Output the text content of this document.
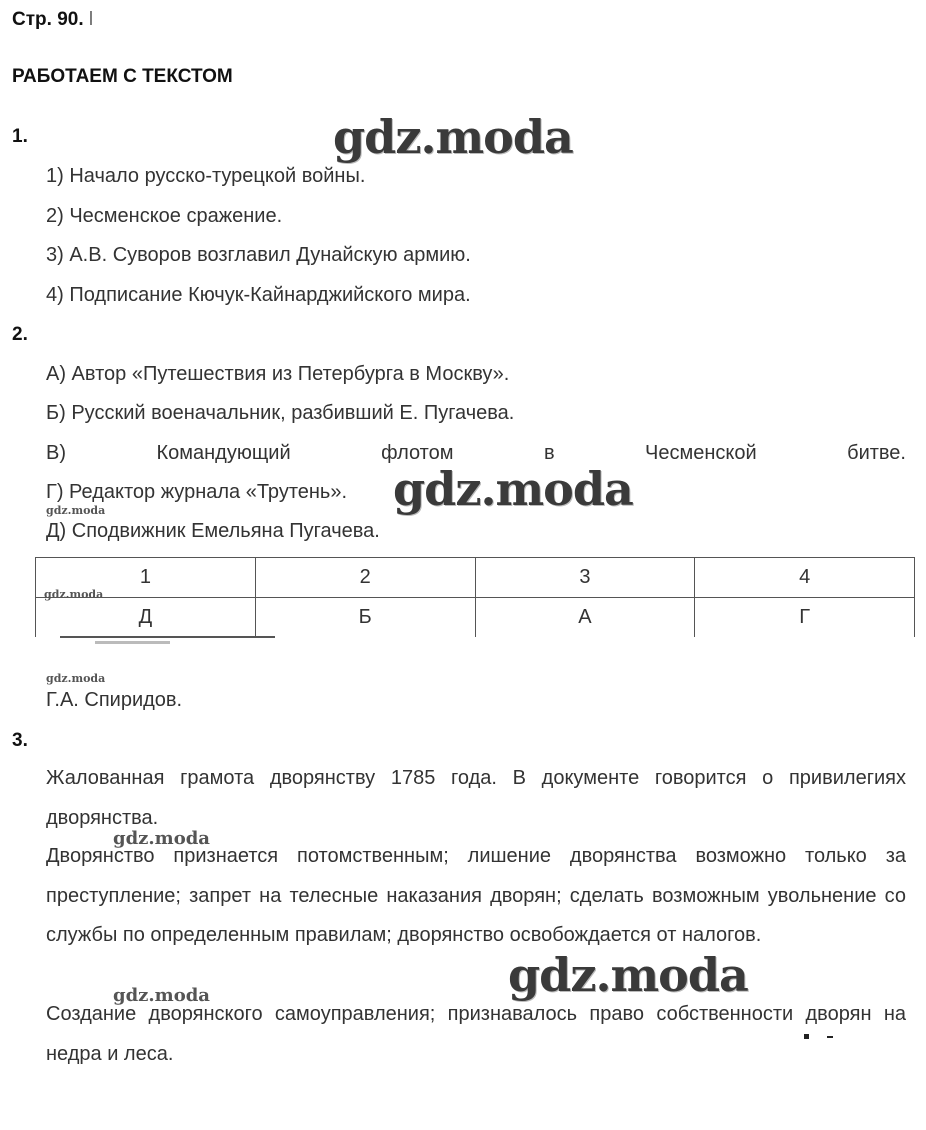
Стр. 90. l
РАБОТАЕМ С ТЕКСТОМ
1.
1) Начало русско-турецкой войны.
2) Чесменское сражение.
3) А.В. Суворов возглавил Дунайскую армию.
4) Подписание Кючук-Кайнарджийского мира.
2.
А) Автор «Путешествия из Петербурга в Москву».
Б) Русский военачальник, разбивший Е. Пугачева.
В)	Командующий	флотом	в	Чесменской	битве.
Г) Редактор журнала «Трутень».
Д) Сподвижник Емельяна Пугачева.
1	2	3	4
Д	Б	А	Г
Г.А. Спиридов.
3.
Жалованная грамота дворянству 1785 года. В документе говорится о привилегиях дворянства.
Дворянство признается потомственным; лишение дворянства возможно только за преступление; запрет на телесные наказания дворян; сделать возможным увольнение со службы по определенным правилам; дворянство освобождается от налогов.
Создание дворянского самоуправления; признавалось право собственности дворян на недра и леса.
gdz.moda
gdz.moda
gdz.moda
gdz.moda
gdz.moda
gdz.moda
gdz.moda
gdz.moda
